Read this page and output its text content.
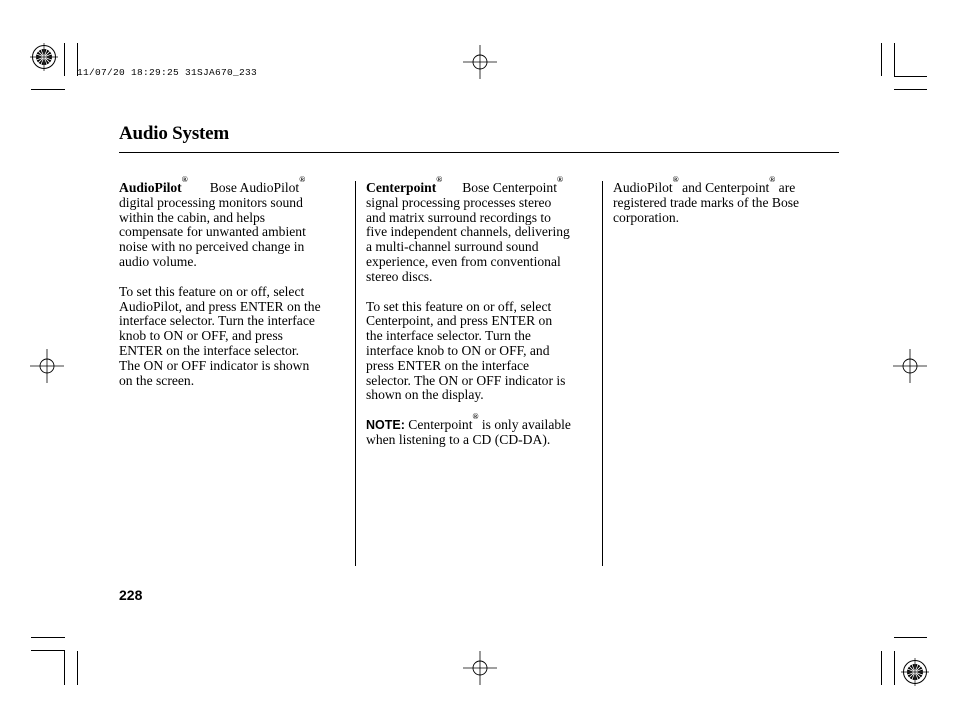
11/07/20 18:29:25 31SJA670_233
Audio System

AudioPilot®Bose AudioPilot®

digital processing monitors sound

within the cabin, and helps

compensate for unwanted ambient

noise with no perceived change in

audio volume.

To set this feature on or off, select

AudioPilot, and press ENTER on the

interface selector. Turn the interface

knob to ON or OFF, and press

ENTER on the interface selector.

The ON or OFF indicator is shown

on the screen.

Centerpoint®Bose Centerpoint®

signal processing processes stereo

and matrix surround recordings to

five independent channels, delivering

a multi-channel surround sound

experience, even from conventional

stereo discs.

To set this feature on or off, select

Centerpoint, and press ENTER on

the interface selector. Turn the

interface knob to ON or OFF, and

press ENTER on the interface

selector. The ON or OFF indicator is

shown on the display.

NOTE: Centerpoint® is only available

when listening to a CD (CD-DA).

AudioPilot® and Centerpoint® are

registered trade marks of the Bose

corporation.

228
